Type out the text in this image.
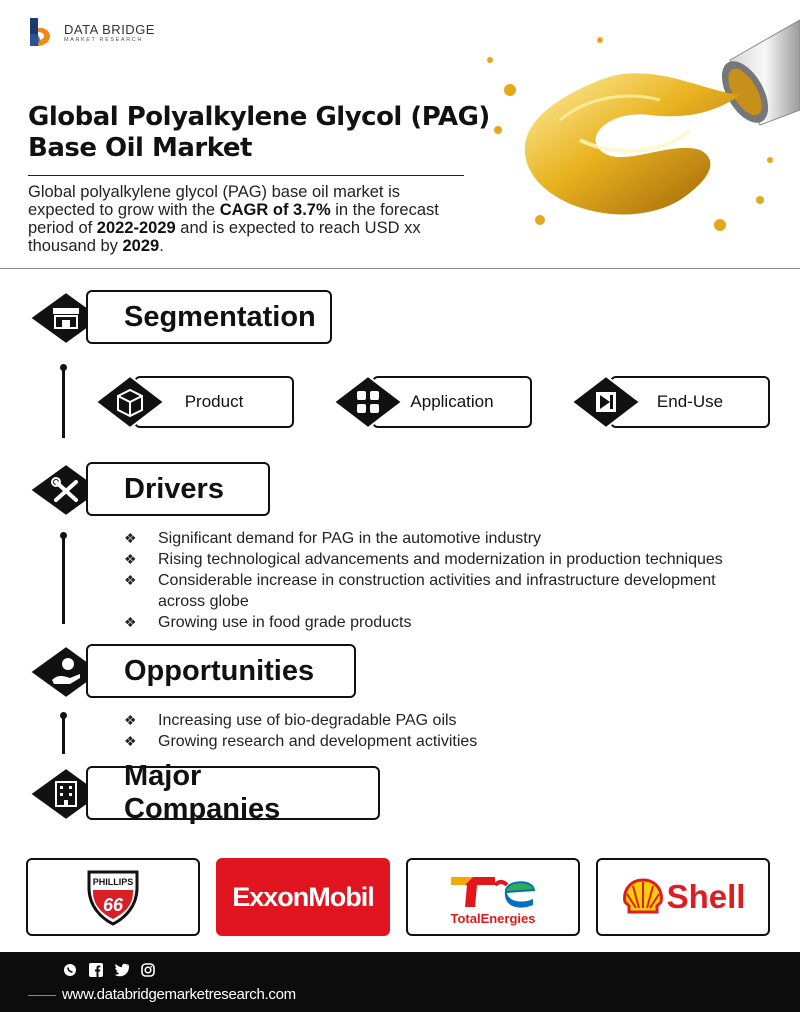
DATA BRIDGE
MARKET RESEARCH
Global Polyalkylene Glycol (PAG) Base Oil Market
Global polyalkylene glycol (PAG) base oil market is expected to grow with the CAGR of 3.7% in the forecast period of 2022-2029 and is expected to reach USD xx thousand by 2029.
Segmentation
Product	Application	End-Use
Drivers
❖ Significant demand for PAG in the automotive industry
❖ Rising technological advancements and modernization in production techniques
❖ Considerable increase in construction activities and infrastructure development across globe
❖ Growing use in food grade products
Opportunities
❖ Increasing use of bio-degradable PAG oils
❖ Growing research and development activities
Major Companies
PHILLIPS
66	ExxonMobil
TotalEnergies
Shell
www.databridgemarketresearch.com
